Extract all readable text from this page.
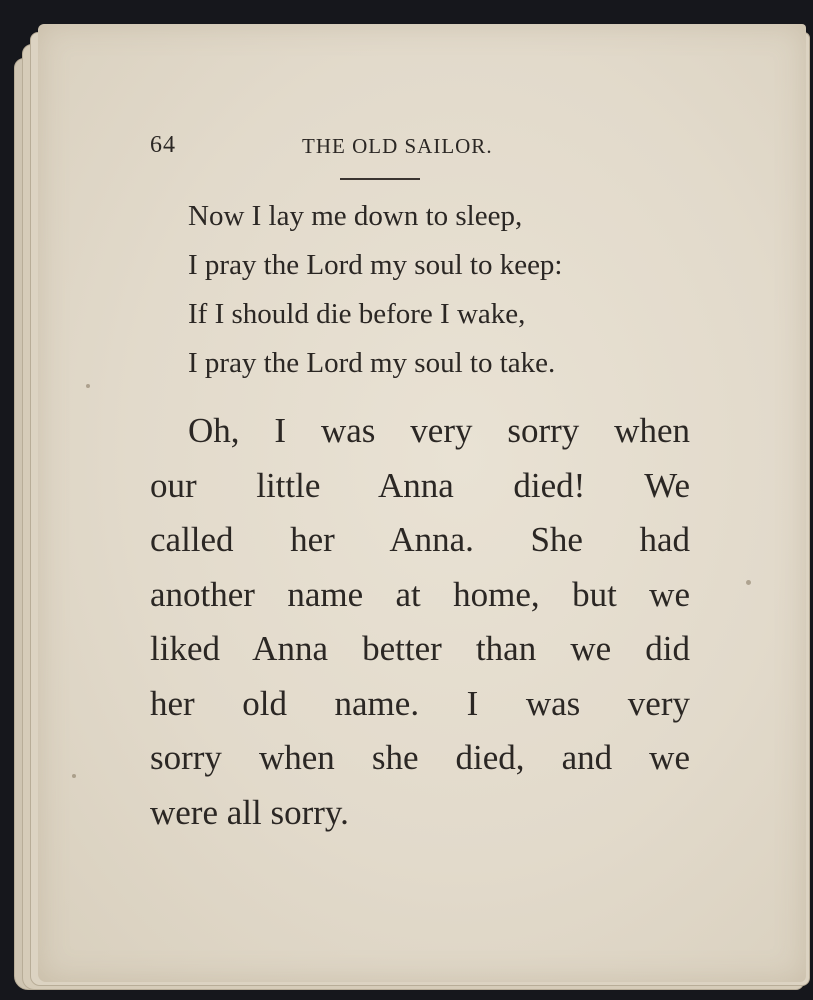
64	THE OLD SAILOR.
Now I lay me down to sleep,
I pray the Lord my soul to keep:
If I should die before I wake,
I pray the Lord my soul to take.
Oh, I was very sorry when
our little Anna died! We
called her Anna. She had
another name at home, but we
liked Anna better than we did
her old name. I was very
sorry when she died, and we
were all sorry.
